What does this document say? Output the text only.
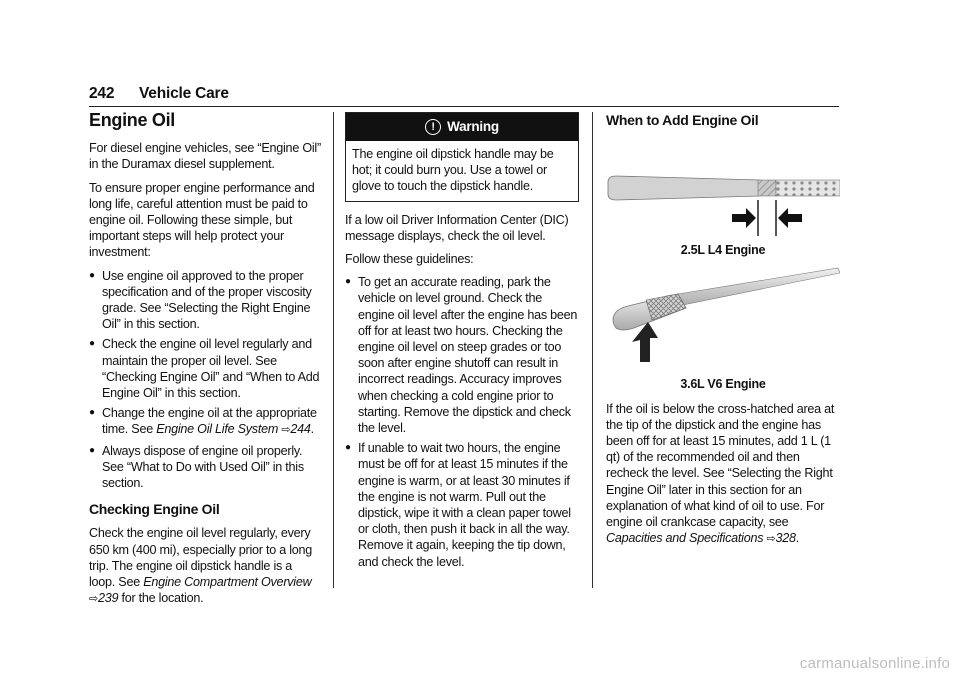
242 Vehicle Care
Engine Oil

For diesel engine vehicles, see “Engine Oil” in the Duramax diesel supplement.

To ensure proper engine performance and long life, careful attention must be paid to engine oil. Following these simple, but important steps will help protect your investment:

● Use engine oil approved to the proper specification and of the proper viscosity grade. See “Selecting the Right Engine Oil” in this section.
● Check the engine oil level regularly and maintain the proper oil level. See “Checking Engine Oil” and “When to Add Engine Oil” in this section.
● Change the engine oil at the appropriate time. See Engine Oil Life System ⇨244.
● Always dispose of engine oil properly. See “What to Do with Used Oil” in this section.
Checking Engine Oil

Check the engine oil level regularly, every 650 km (400 mi), especially prior to a long trip. The engine oil dipstick handle is a loop. See Engine Compartment Overview ⇨239 for the location.

! Warning
The engine oil dipstick handle may be hot; it could burn you. Use a towel or glove to touch the dipstick handle.

If a low oil Driver Information Center (DIC) message displays, check the oil level.

Follow these guidelines:

● To get an accurate reading, park the vehicle on level ground. Check the engine oil level after the engine has been off for at least two hours. Checking the engine oil level on steep grades or too soon after engine shutoff can result in incorrect readings. Accuracy improves when checking a cold engine prior to starting. Remove the dipstick and check the level.
● If unable to wait two hours, the engine must be off for at least 15 minutes if the engine is warm, or at least 30 minutes if the engine is not warm. Pull out the dipstick, wipe it with a clean paper towel or cloth, then push it back in all the way. Remove it again, keeping the tip down, and check the level.
When to Add Engine Oil
2.5L L4 Engine
3.6L V6 Engine

If the oil is below the cross-hatched area at the tip of the dipstick and the engine has been off for at least 15 minutes, add 1 L (1 qt) of the recommended oil and then recheck the level. See “Selecting the Right Engine Oil” later in this section for an explanation of what kind of oil to use. For engine oil crankcase capacity, see Capacities and Specifications ⇨328.

carmanualsonline.info
